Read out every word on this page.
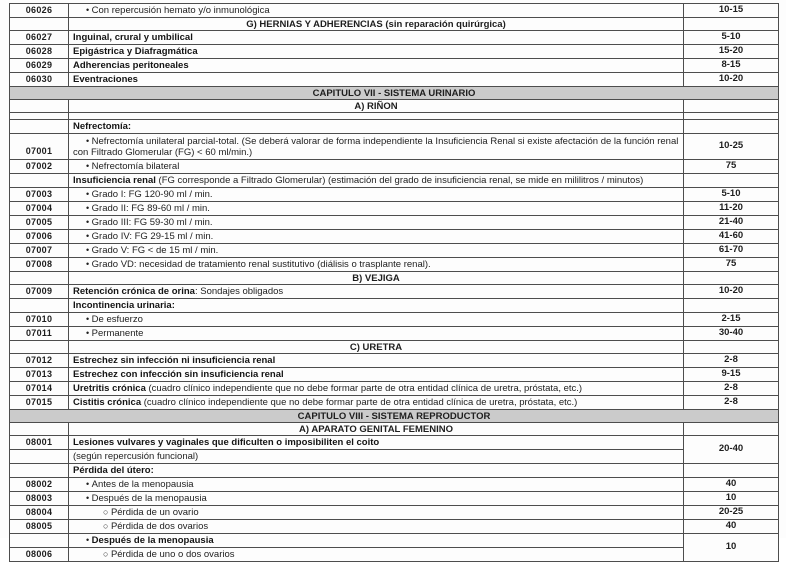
06026	• Con repercusión hemato y/o inmunológica	10-15
	G) HERNIAS Y ADHERENCIAS (sin reparación quirúrgica)	
06027	Inguinal, crural y umbilical	5-10
06028	Epigástrica y Diafragmática	15-20
06029	Adherencias peritoneales	8-15
06030	Eventraciones	10-20
CAPITULO VII - SISTEMA URINARIO		
	A) RIÑON	

	Nefrectomía:	
07001	• Nefrectomía unilateral parcial-total. (Se deberá valorar de forma independiente la Insuficiencia Renal si existe afectación de la función renal con Filtrado Glomerular (FG) < 60 ml/min.)	10-25
07002	• Nefrectomía bilateral	75
	Insuficiencia renal (FG corresponde a Filtrado Glomerular) (estimación del grado de insuficiencia renal, se mide en mililitros / minutos)	
07003	• Grado I: FG 120-90 ml / min.	5-10
07004	• Grado II: FG 89-60 ml / min.	11-20
07005	• Grado III: FG 59-30 ml / min.	21-40
07006	• Grado IV: FG 29-15 ml / min.	41-60
07007	• Grado V: FG < de 15 ml / min.	61-70
07008	• Grado VD: necesidad de tratamiento renal sustitutivo (diálisis o trasplante renal).	75
	B) VEJIGA	
07009	Retención crónica de orina: Sondajes obligados	10-20
	Incontinencia urinaria:	
07010	• De esfuerzo	2-15
07011	• Permanente	30-40
	C) URETRA	
07012	Estrechez sin infección ni insuficiencia renal	2-8
07013	Estrechez con infección sin insuficiencia renal	9-15
07014	Uretritis crónica (cuadro clínico independiente que no debe formar parte de otra entidad clínica de uretra, próstata, etc.)	2-8
07015	Cistitis crónica (cuadro clínico independiente que no debe formar parte de otra entidad clínica de uretra, próstata, etc.)	2-8
CAPITULO VIII - SISTEMA REPRODUCTOR		
	A) APARATO GENITAL FEMENINO	
08001	Lesiones vulvares y vaginales que dificulten o imposibiliten el coito	20-40
	(según repercusión funcional)	
	Pérdida del útero:	
08002	• Antes de la menopausia	40
08003	• Después de la menopausia	10
08004	○ Pérdida de un ovario	20-25
08005	○ Pérdida de dos ovarios	40
	• Después de la menopausia	10
08006	○ Pérdida de uno o dos ovarios	
